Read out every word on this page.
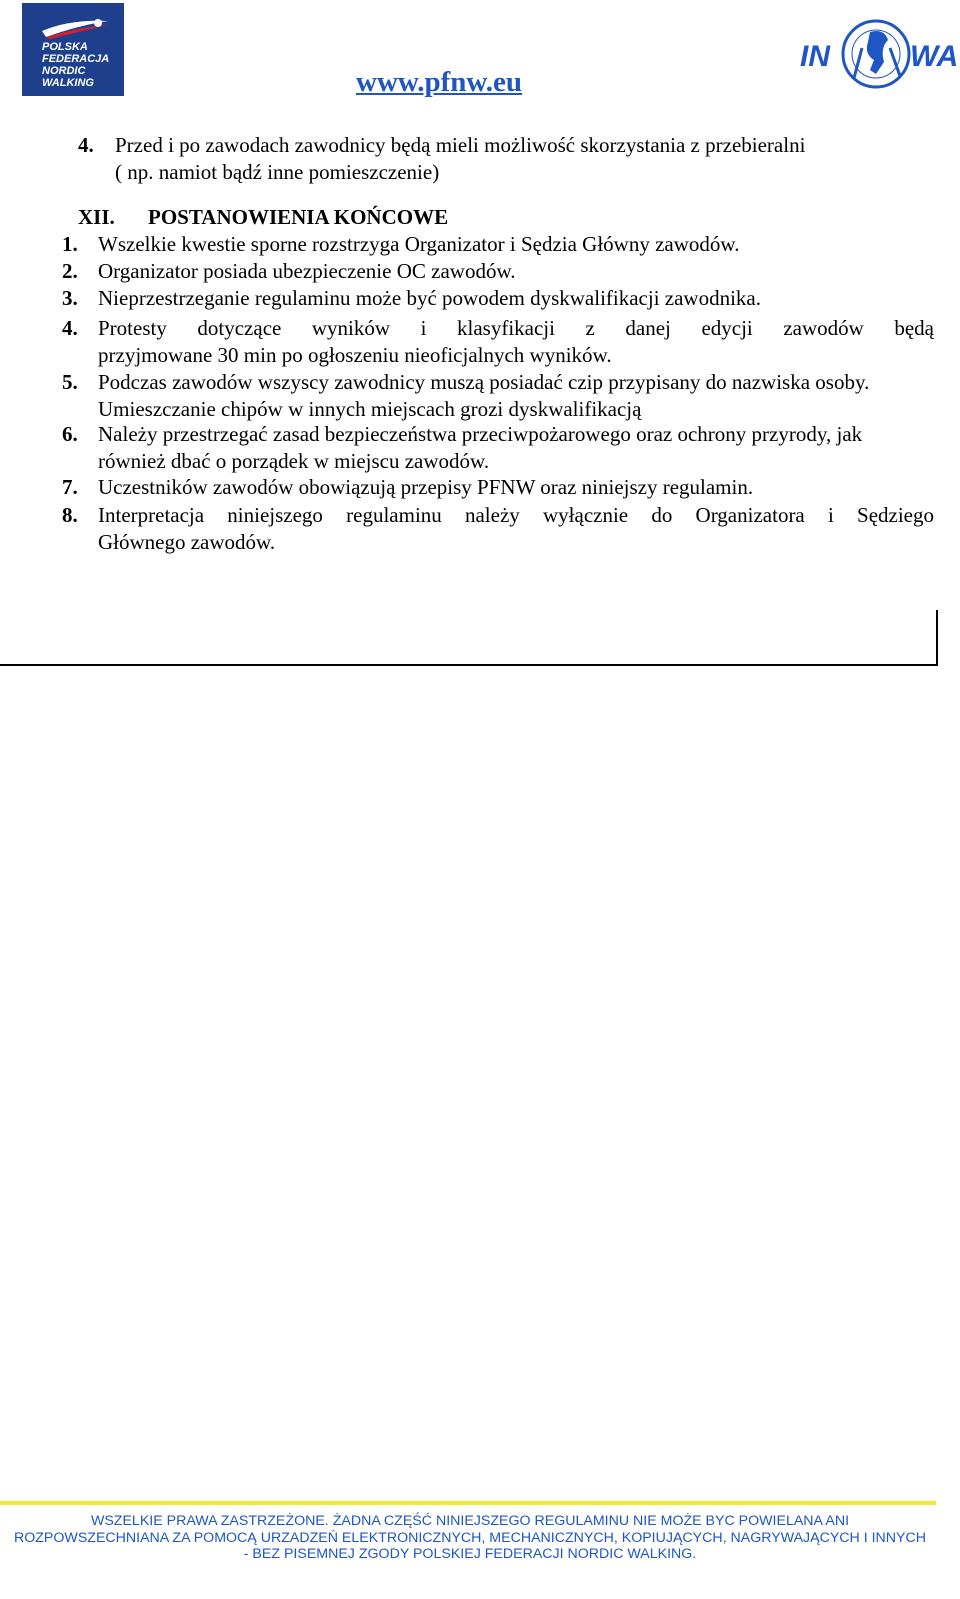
POLSKA
FEDERACJA
NORDIC
WALKING	www.pfnw.eu
IN	WA
4. Przed i po zawodach zawodnicy będą mieli możliwość skorzystania z przebieralni
( np. namiot bądź inne pomieszczenie)
XII. POSTANOWIENIA KOŃCOWE
1. Wszelkie kwestie sporne rozstrzyga Organizator i Sędzia Główny zawodów.
2. Organizator posiada ubezpieczenie OC zawodów.
3. Nieprzestrzeganie regulaminu może być powodem dyskwalifikacji zawodnika.
4. Protesty dotyczące wyników i klasyfikacji z danej edycji zawodów będą
przyjmowane 30 min po ogłoszeniu nieoficjalnych wyników.
5. Podczas zawodów wszyscy zawodnicy muszą posiadać czip przypisany do nazwiska osoby.
Umieszczanie chipów w innych miejscach grozi dyskwalifikacją
6. Należy przestrzegać zasad bezpieczeństwa przeciwpożarowego oraz ochrony przyrody, jak
również dbać o porządek w miejscu zawodów.
7. Uczestników zawodów obowiązują przepisy PFNW oraz niniejszy regulamin.
8. Interpretacja niniejszego regulaminu należy wyłącznie do Organizatora i Sędziego
Głównego zawodów.
WSZELKIE PRAWA ZASTRZEŻONE. ŻADNA CZĘŚĆ NINIEJSZEGO REGULAMINU NIE MOŻE BYC POWIELANA ANI
ROZPOWSZECHNIANA ZA POMOCĄ URZADZEŃ ELEKTRONICZNYCH, MECHANICZNYCH, KOPIUJĄCYCH, NAGRYWAJĄCYCH I INNYCH
- BEZ PISEMNEJ ZGODY POLSKIEJ FEDERACJI NORDIC WALKING.
